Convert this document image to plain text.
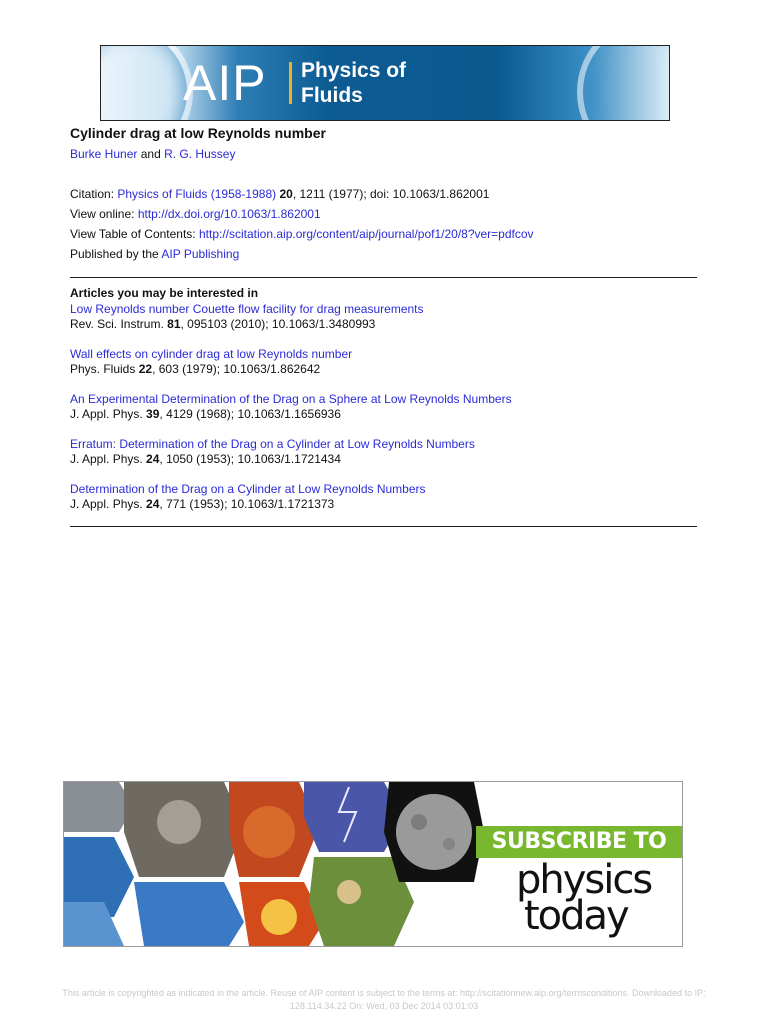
AIP Physics of
Fluids
Cylinder drag at low Reynolds number
Burke Huner and R. G. Hussey
Citation: Physics of Fluids (1958-1988) 20, 1211 (1977); doi: 10.1063/1.862001
View online: http://dx.doi.org/10.1063/1.862001
View Table of Contents: http://scitation.aip.org/content/aip/journal/pof1/20/8?ver=pdfcov
Published by the AIP Publishing
Articles you may be interested in
Low Reynolds number Couette flow facility for drag measurements
Rev. Sci. Instrum. 81, 095103 (2010); 10.1063/1.3480993
Wall effects on cylinder drag at low Reynolds number
Phys. Fluids 22, 603 (1979); 10.1063/1.862642
An Experimental Determination of the Drag on a Sphere at Low Reynolds Numbers
J. Appl. Phys. 39, 4129 (1968); 10.1063/1.1656936
Erratum: Determination of the Drag on a Cylinder at Low Reynolds Numbers
J. Appl. Phys. 24, 1050 (1953); 10.1063/1.1721434
Determination of the Drag on a Cylinder at Low Reynolds Numbers
J. Appl. Phys. 24, 771 (1953); 10.1063/1.1721373
SUBSCRIBE TO
physics
today
This article is copyrighted as indicated in the article. Reuse of AIP content is subject to the terms at: http://scitationnew.aip.org/termsconditions. Downloaded to IP:
128.114.34.22 On: Wed, 03 Dec 2014 03:01:03
